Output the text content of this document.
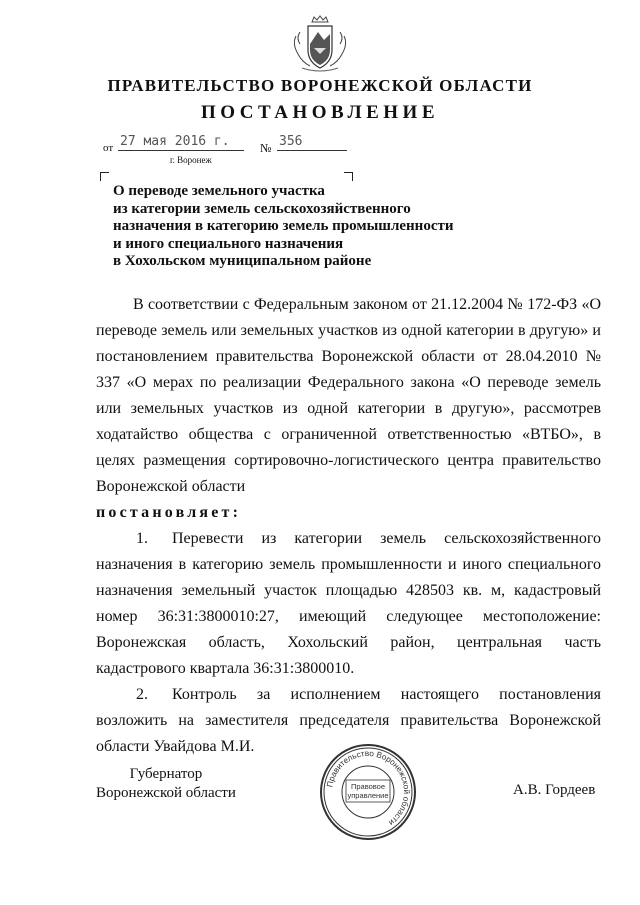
ПРАВИТЕЛЬСТВО ВОРОНЕЖСКОЙ ОБЛАСТИ
ПОСТАНОВЛЕНИЕ
от 27 мая 2016 г.	№ 356
г. Воронеж
О переводе земельного участка
из категории земель сельскохозяйственного
назначения в категорию земель промышленности
и иного специального назначения
в Хохольском муниципальном районе

В соответствии с Федеральным законом от 21.12.2004 № 172-ФЗ «О переводе земель или земельных участков из одной категории в другую» и постановлением правительства Воронежской области от 28.04.2010 № 337 «О мерах по реализации Федерального закона «О переводе земель или земельных участков из одной категории в другую», рассмотрев ходатайство общества с ограниченной ответственностью «ВТБО», в целях размещения сортировочно-логистического центра правительство Воронежской области

постановляет:

1. Перевести из категории земель сельскохозяйственного назначения в категорию земель промышленности и иного специального назначения земельный участок площадью 428503 кв. м, кадастровый номер 36:31:3800010:27, имеющий следующее местоположение: Воронежская область, Хохольский район, центральная часть кадастрового квартала 36:31:3800010.

2. Контроль за исполнением настоящего постановления возложить на заместителя председателя правительства Воронежской области Увайдова М.И.

Губернатор
Воронежской области
Правительство Воронежской области
Правовое
управление	А.В. Гордеев
